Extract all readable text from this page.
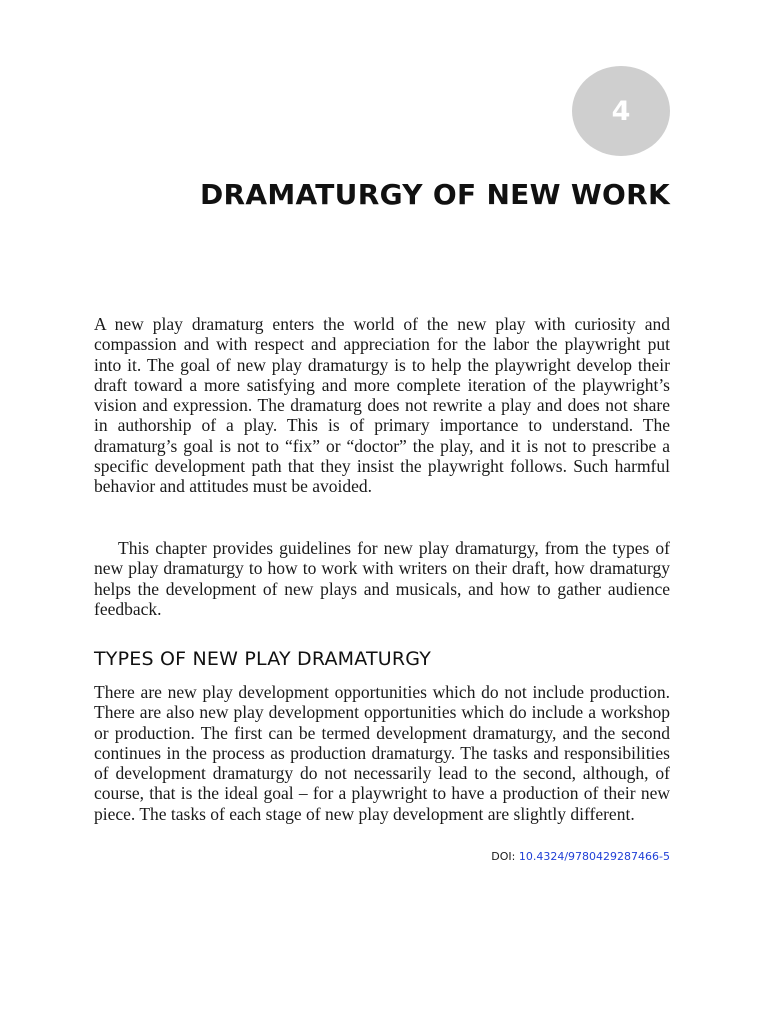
4
DRAMATURGY OF NEW WORK

A new play dramaturg enters the world of the new play with curiosity and compassion and with respect and appreciation for the labor the playwright put into it. The goal of new play dramaturgy is to help the playwright develop their draft toward a more satisfying and more complete iteration of the playwright’s vision and expression. The dramaturg does not rewrite a play and does not share in authorship of a play. This is of primary importance to understand. The dramaturg’s goal is not to “fix” or “doctor” the play, and it is not to prescribe a specific development path that they insist the playwright follows. Such harmful behavior and attitudes must be avoided.

This chapter provides guidelines for new play dramaturgy, from the types of new play dramaturgy to how to work with writers on their draft, how dramaturgy helps the development of new plays and musicals, and how to gather audience feedback.

TYPES OF NEW PLAY DRAMATURGY

There are new play development opportunities which do not include production. There are also new play development opportunities which do include a workshop or production. The first can be termed development dramaturgy, and the second continues in the process as production dramaturgy. The tasks and responsibilities of development dramaturgy do not necessarily lead to the second, although, of course, that is the ideal goal – for a playwright to have a production of their new piece. The tasks of each stage of new play development are slightly different.

DOI: 10.4324/9780429287466-5
